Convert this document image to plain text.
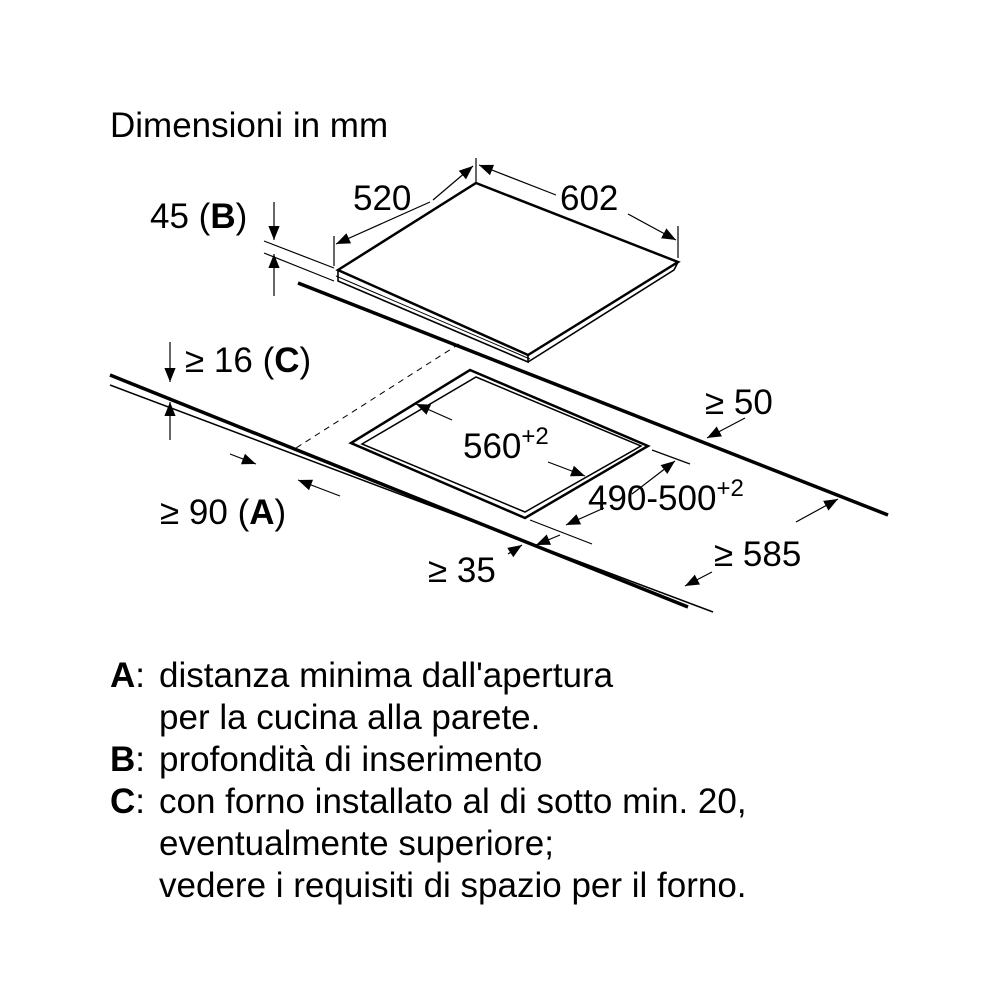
Dimensioni in mm
520	602
45 (B)
≥ 16 (C)
≥ 90 (A)
$560^{+2}$
$490-500^{+2}$
≥ 50
≥ 35	≥ 585
A :
distanza minima dall'apertura
per la cucina alla parete.
B :
profondità di inserimento
C :
con forno installato al di sotto min. 20,
eventualmente superiore;
vedere i requisiti di spazio per il forno.
